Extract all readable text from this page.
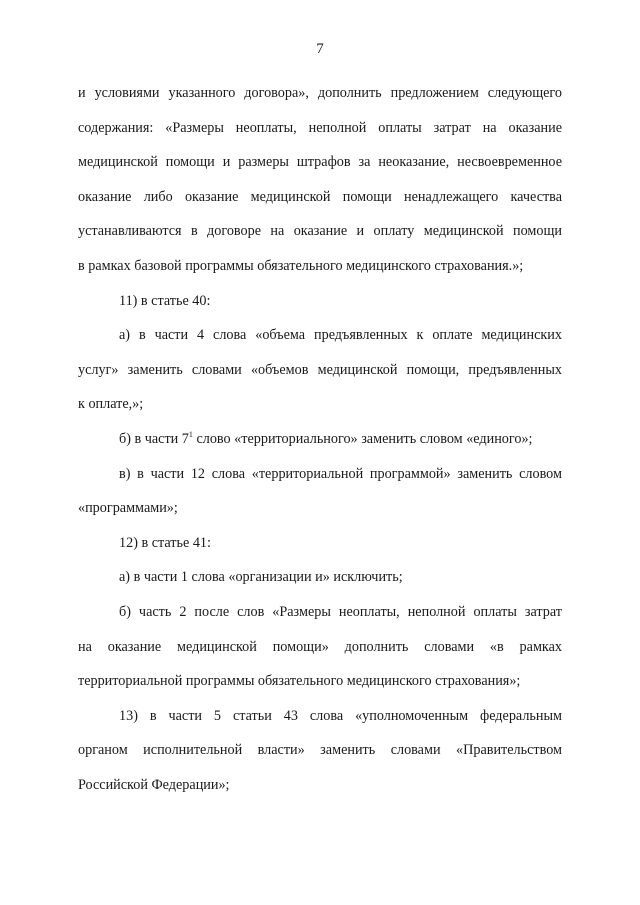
7
и условиями указанного договора», дополнить предложением следующего
содержания: «Размеры неоплаты, неполной оплаты затрат на оказание
медицинской помощи и размеры штрафов за неоказание, несвоевременное
оказание либо оказание медицинской помощи ненадлежащего качества
устанавливаются в договоре на оказание и оплату медицинской помощи
в рамках базовой программы обязательного медицинского страхования.»;
11) в статье 40:
а) в части 4 слова «объема предъявленных к оплате медицинских
услуг» заменить словами «объемов медицинской помощи, предъявленных
к оплате,»;
б) в части $7^1$ слово «территориального» заменить словом «единого»;
в) в части 12 слова «территориальной программой» заменить словом
«программами»;
12) в статье 41:
а) в части 1 слова «организации и» исключить;
б) часть 2 после слов «Размеры неоплаты, неполной оплаты затрат
на оказание медицинской помощи» дополнить словами «в рамках
территориальной программы обязательного медицинского страхования»;
13) в части 5 статьи 43 слова «уполномоченным федеральным
органом исполнительной власти» заменить словами «Правительством
Российской Федерации»;
